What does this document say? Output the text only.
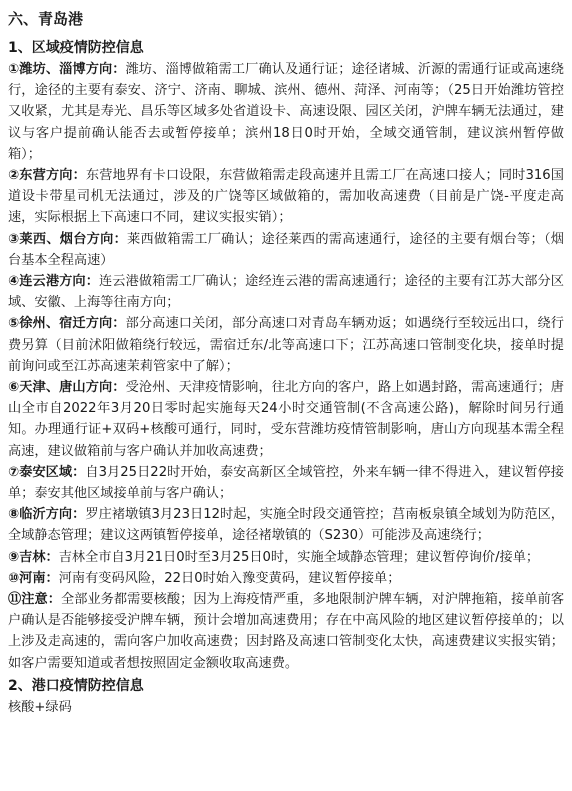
六、青岛港
1、区域疫情防控信息

①潍坊、淄博方向：潍坊、淄博做箱需工厂确认及通行证；途径诸城、沂源的需通行证或高速绕行，途径的主要有泰安、济宁、济南、聊城、滨州、德州、菏泽、河南等；（25日开始潍坊管控又收紧，尤其是寿光、昌乐等区域多处省道设卡、高速设限、园区关闭，沪牌车辆无法通过，建议与客户提前确认能否去或暂停接单；滨州18日0时开始，全域交通管制，建议滨州暂停做箱）；

②东营方向：东营地界有卡口设限，东营做箱需走段高速并且需工厂在高速口接人；同时316国道设卡带星司机无法通过，涉及的广饶等区域做箱的，需加收高速费（目前是广饶-平度走高速，实际根据上下高速口不同，建议实报实销）；

③莱西、烟台方向：莱西做箱需工厂确认；途径莱西的需高速通行，途径的主要有烟台等；（烟台基本全程高速）

④连云港方向：连云港做箱需工厂确认；途经连云港的需高速通行；途径的主要有江苏大部分区域、安徽、上海等往南方向；

⑤徐州、宿迁方向：部分高速口关闭，部分高速口对青岛车辆劝返；如遇绕行至较远出口，绕行费另算（目前沭阳做箱绕行较远，需宿迁东/北等高速口下；江苏高速口管制变化块，接单时提前询问或至江苏高速茉莉管家中了解）；

⑥天津、唐山方向：受沧州、天津疫情影响，往北方向的客户，路上如遇封路，需高速通行；唐山全市自2022年3月20日零时起实施每天24小时交通管制(不含高速公路)，解除时间另行通知。办理通行证+双码+核酸可通行，同时，受东营潍坊疫情管制影响，唐山方向现基本需全程高速，建议做箱前与客户确认并加收高速费；

⑦泰安区域：自3月25日22时开始，泰安高新区全域管控，外来车辆一律不得进入，建议暂停接单；泰安其他区域接单前与客户确认；

⑧临沂方向：罗庄褚墩镇3月23日12时起，实施全时段交通管控；莒南板泉镇全域划为防范区，全域静态管理；建议这两镇暂停接单，途径褚墩镇的（S230）可能涉及高速绕行；

⑨吉林：吉林全市自3月21日0时至3月25日0时，实施全域静态管理；建议暂停询价/接单；

⑩河南：河南有变码风险，22日0时始入豫变黄码，建议暂停接单；

⑪注意：全部业务都需要核酸；因为上海疫情严重，多地限制沪牌车辆，对沪牌拖箱，接单前客户确认是否能够接受沪牌车辆，预计会增加高速费用；存在中高风险的地区建议暂停接单的；以上涉及走高速的，需向客户加收高速费；因封路及高速口管制变化太快，高速费建议实报实销；如客户需要知道或者想按照固定金额收取高速费。

2、港口疫情防控信息

核酸+绿码
